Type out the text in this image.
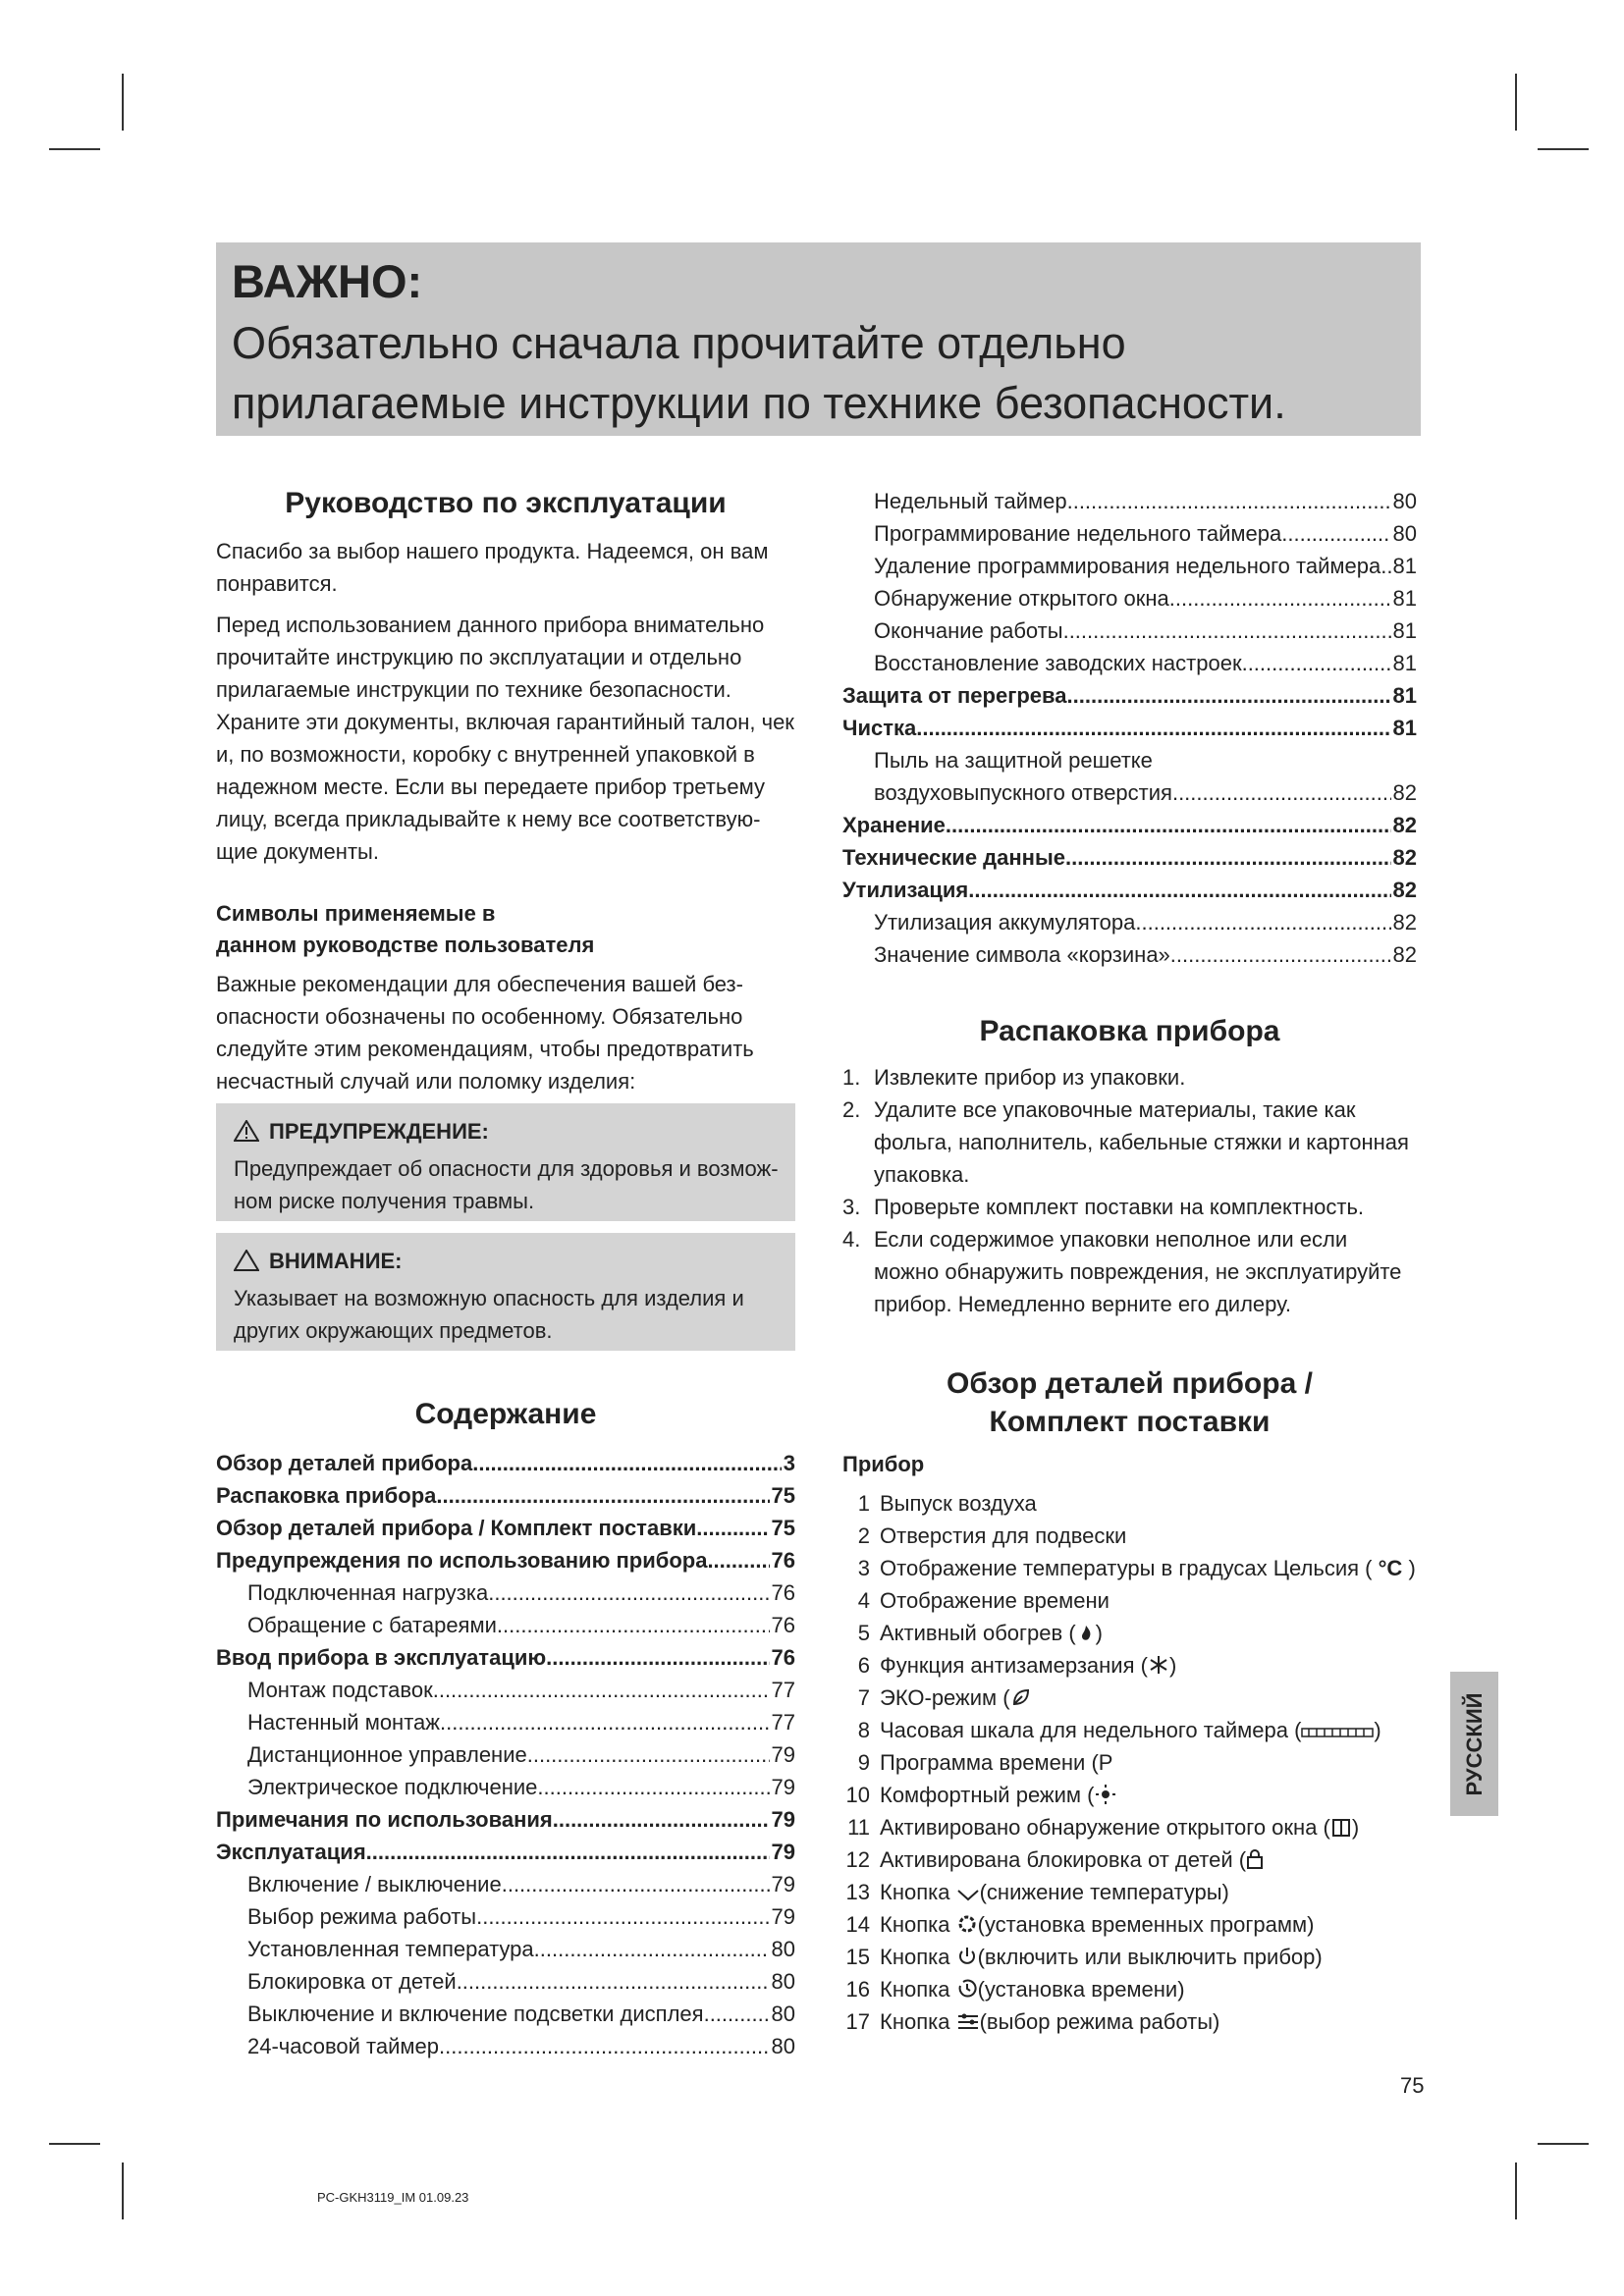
ВАЖНО:
Обязательно сначала прочитайте отдельно прилагаемые инструкции по технике безопасности.
Руководство по эксплуатации

Спасибо за выбор нашего продукта. Надеемся, он вам понравится.

Перед использованием данного прибора внимательно прочитайте инструкцию по эксплуатации и отдельно прилагаемые инструкции по технике безопасности. Храните эти документы, включая гарантийный талон, чек и, по возможности, коробку с внутренней упаковкой в надежном месте. Если вы передаете прибор третьему лицу, всегда прикладывайте к нему все соответствую-щие документы.

Символы применяемые в
данном руководстве пользователя

Важные рекомендации для обеспечения вашей без-опасности обозначены по особенному. Обязательно следуйте этим рекомендациям, чтобы предотвратить несчастный случай или поломку изделия:

ПРЕДУПРЕЖДЕНИЕ:
Предупреждает об опасности для здоровья и возмож-ном риске получения травмы.
ВНИМАНИЕ:
Указывает на возможную опасность для изделия и других окружающих предметов.
Содержание
Обзор деталей прибора .....	3
Распаковка прибора .....	75
Обзор деталей прибора / Комплект поставки .....	75
Предупреждения по использованию прибора .....	76
Подключенная нагрузка .....	76
Обращение с батареями .....	76
Ввод прибора в эксплуатацию .....	76
Монтаж подставок .....	77
Настенный монтаж .....	77
Дистанционное управление .....	79
Электрическое подключение .....	79
Примечания по использования .....	79
Эксплуатация .....	79
Включение / выключение .....	79
Выбор режима работы .....	79
Установленная температура .....	80
Блокировка от детей .....	80
Выключение и включение подсветки дисплея .....	80
24-часовой таймер .....	80
Недельный таймер .....	80
Программирование недельного таймера .....	80
Удаление программирования недельного таймера ..... 81
Обнаружение открытого окна .....	81
Окончание работы .....	81
Восстановление заводских настроек .....	81
Защита от перегрева .....	81
Чистка .....	81
Пыль на защитной решетке
воздуховыпускного отверстия .....	82
Хранение .....	82
Технические данные .....	82
Утилизация .....	82
Утилизация аккумулятора .....	82
Значение символа «корзина» .....	82
Распаковка прибора
1. Извлеките прибор из упаковки.
2. Удалите все упаковочные материалы, такие как фольга, наполнитель, кабельные стяжки и картонная упаковка.
3. Проверьте комплект поставки на комплектность.
4. Если содержимое упаковки неполное или если можно обнаружить повреждения, не эксплуатируйте прибор. Немедленно верните его дилеру.
Обзор деталей прибора /
Комплект поставки
Прибор
1 Выпуск воздуха
2 Отверстия для подвески
3 Отображение температуры в градусах Цельсия ( °C )
4 Отображение времени
5 Активный обогрев ( )
6 Функция антизамерзания ( )
7 ЭКО-режим (
8 Часовая шкала для недельного таймера (	)
9 Программа времени (P
10 Комфортный режим (
11 Активировано обнаружение открытого окна ( )
12 Активирована блокировка от детей (
13 Кнопка (снижение температуры)
14 Кнопка (установка временных программ)
15 Кнопка (включить или выключить прибор)
16 Кнопка (установка времени)
17 Кнопка (выбор режима работы)
РУССКИЙ
75
PC-GKH3119_IM 01.09.23
